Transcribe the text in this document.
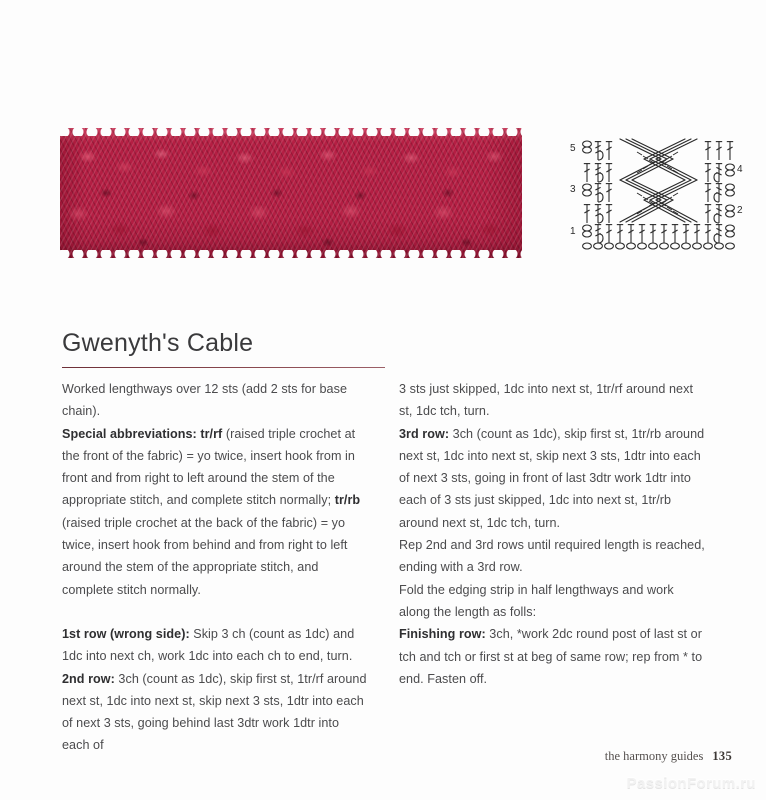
5
3
1
4
2
Gwenyth's Cable

Worked lengthways over 12 sts (add 2 sts for base chain).

Special abbreviations: tr/rf (raised triple crochet at the front of the fabric) = yo twice, insert hook from in front and from right to left around the stem of the appropriate stitch, and complete stitch normally; tr/rb (raised triple crochet at the back of the fabric) = yo twice, insert hook from behind and from right to left around the stem of the appropriate stitch, and complete stitch normally.

1st row (wrong side): Skip 3 ch (count as 1dc) and 1dc into next ch, work 1dc into each ch to end, turn.

2nd row: 3ch (count as 1dc), skip first st, 1tr/rf around next st, 1dc into next st, skip next 3 sts, 1dtr into each of next 3 sts, going behind last 3dtr work 1dtr into each of

3 sts just skipped, 1dc into next st, 1tr/rf around next st, 1dc tch, turn.

3rd row: 3ch (count as 1dc), skip first st, 1tr/rb around next st, 1dc into next st, skip next 3 sts, 1dtr into each of next 3 sts, going in front of last 3dtr work 1dtr into each of 3 sts just skipped, 1dc into next st, 1tr/rb around next st, 1dc tch, turn.

Rep 2nd and 3rd rows until required length is reached, ending with a 3rd row.

Fold the edging strip in half lengthways and work along the length as folls:

Finishing row: 3ch, *work 2dc round post of last st or tch and tch or first st at beg of same row; rep from * to end. Fasten off.

the harmony guides 135
PassionForum.ru
